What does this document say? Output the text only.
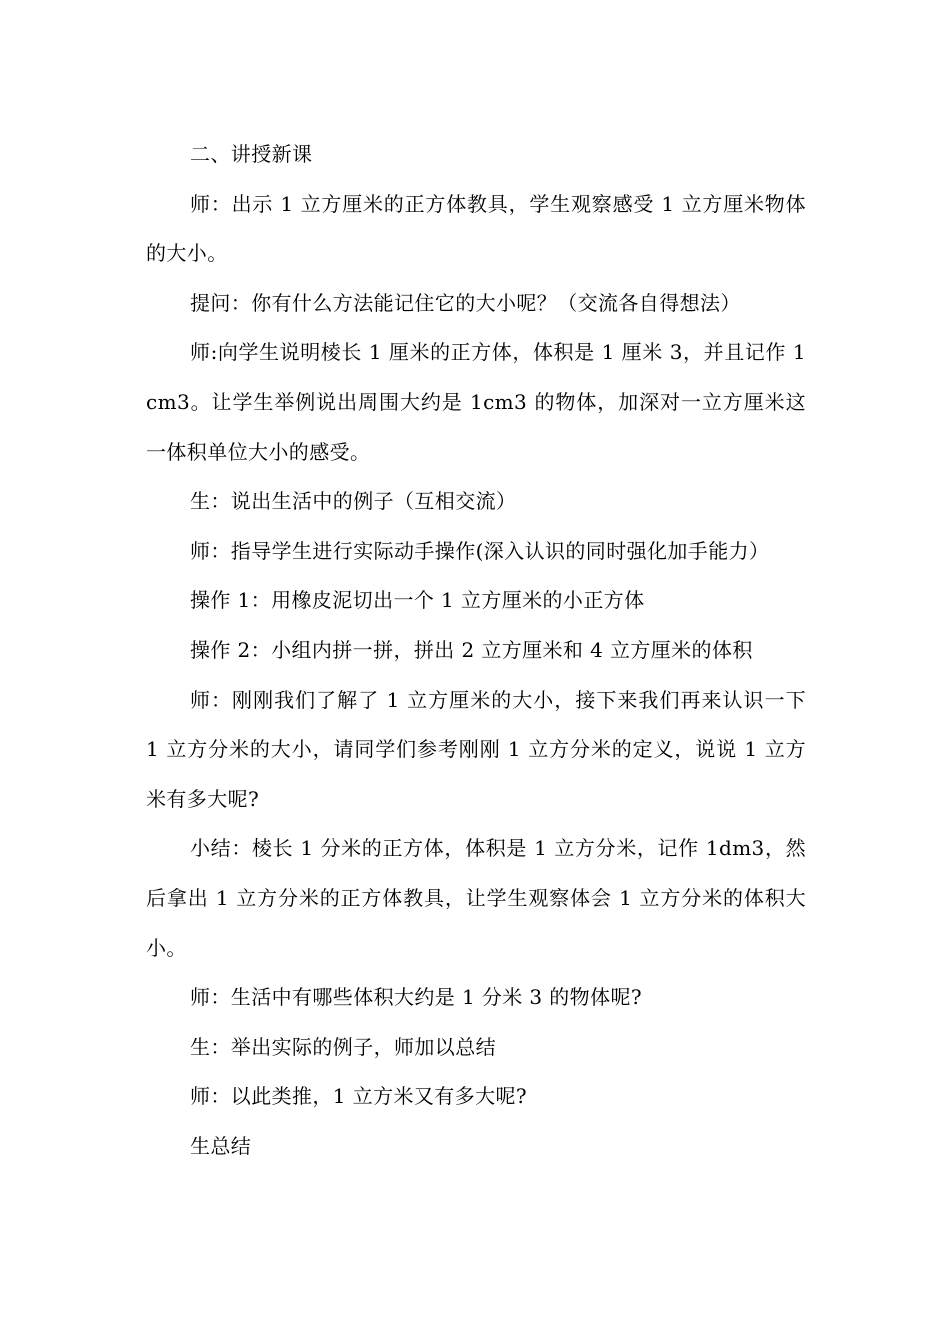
二、讲授新课

师：出示 1 立方厘米的正方体教具，学生观察感受 1 立方厘米物体的大小。

提问：你有什么方法能记住它的大小呢？（交流各自得想法）

师:向学生说明棱长 1 厘米的正方体，体积是 1 厘米 3，并且记作 1cm3。让学生举例说出周围大约是 1cm3 的物体，加深对一立方厘米这一体积单位大小的感受。

生：说出生活中的例子（互相交流）

师：指导学生进行实际动手操作(深入认识的同时强化加手能力）

操作 1：用橡皮泥切出一个 1 立方厘米的小正方体

操作 2：小组内拼一拼，拼出 2 立方厘米和 4 立方厘米的体积

师：刚刚我们了解了 1 立方厘米的大小，接下来我们再来认识一下 1 立方分米的大小，请同学们参考刚刚 1 立方分米的定义，说说 1 立方米有多大呢?

小结：棱长 1 分米的正方体，体积是 1 立方分米，记作 1dm3，然后拿出 1 立方分米的正方体教具，让学生观察体会 1 立方分米的体积大小。

师：生活中有哪些体积大约是 1 分米 3 的物体呢?

生：举出实际的例子，师加以总结

师：以此类推，1 立方米又有多大呢?

生总结
